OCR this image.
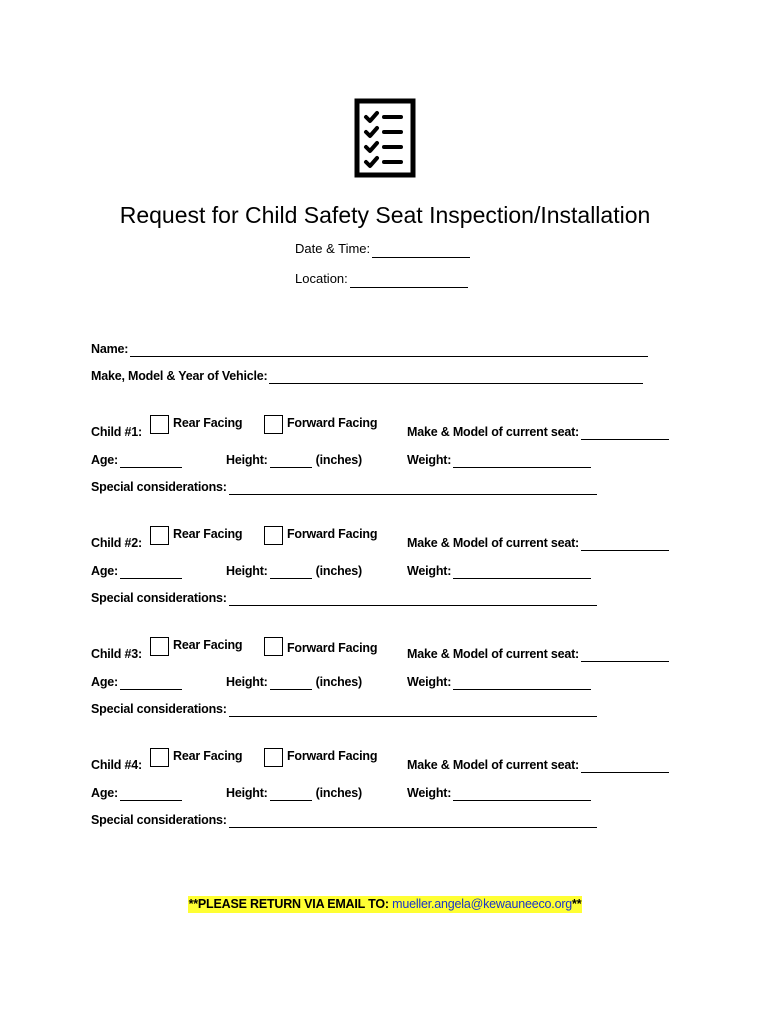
Request for Child Safety Seat Inspection/Installation
Date & Time:
Location:
Name:
Make, Model & Year of Vehicle:
Child #1:
Rear Facing	Forward Facing
Make & Model of current seat:
Age:	Height:	(inches)	Weight:
Special considerations:
Child #2:
Rear Facing	Forward Facing
Make & Model of current seat:
Age:	Height:	(inches)	Weight:
Special considerations:
Child #3:
Rear Facing	Forward Facing Make & Model of current seat:
Age:	Height:	(inches)	Weight:
Special considerations:
Child #4:
Rear Facing	Forward Facing
Make & Model of current seat:
Age:	Height:	(inches)	Weight:
Special considerations:
**PLEASE RETURN VIA EMAIL TO: mueller.angela@kewauneeco.org**
